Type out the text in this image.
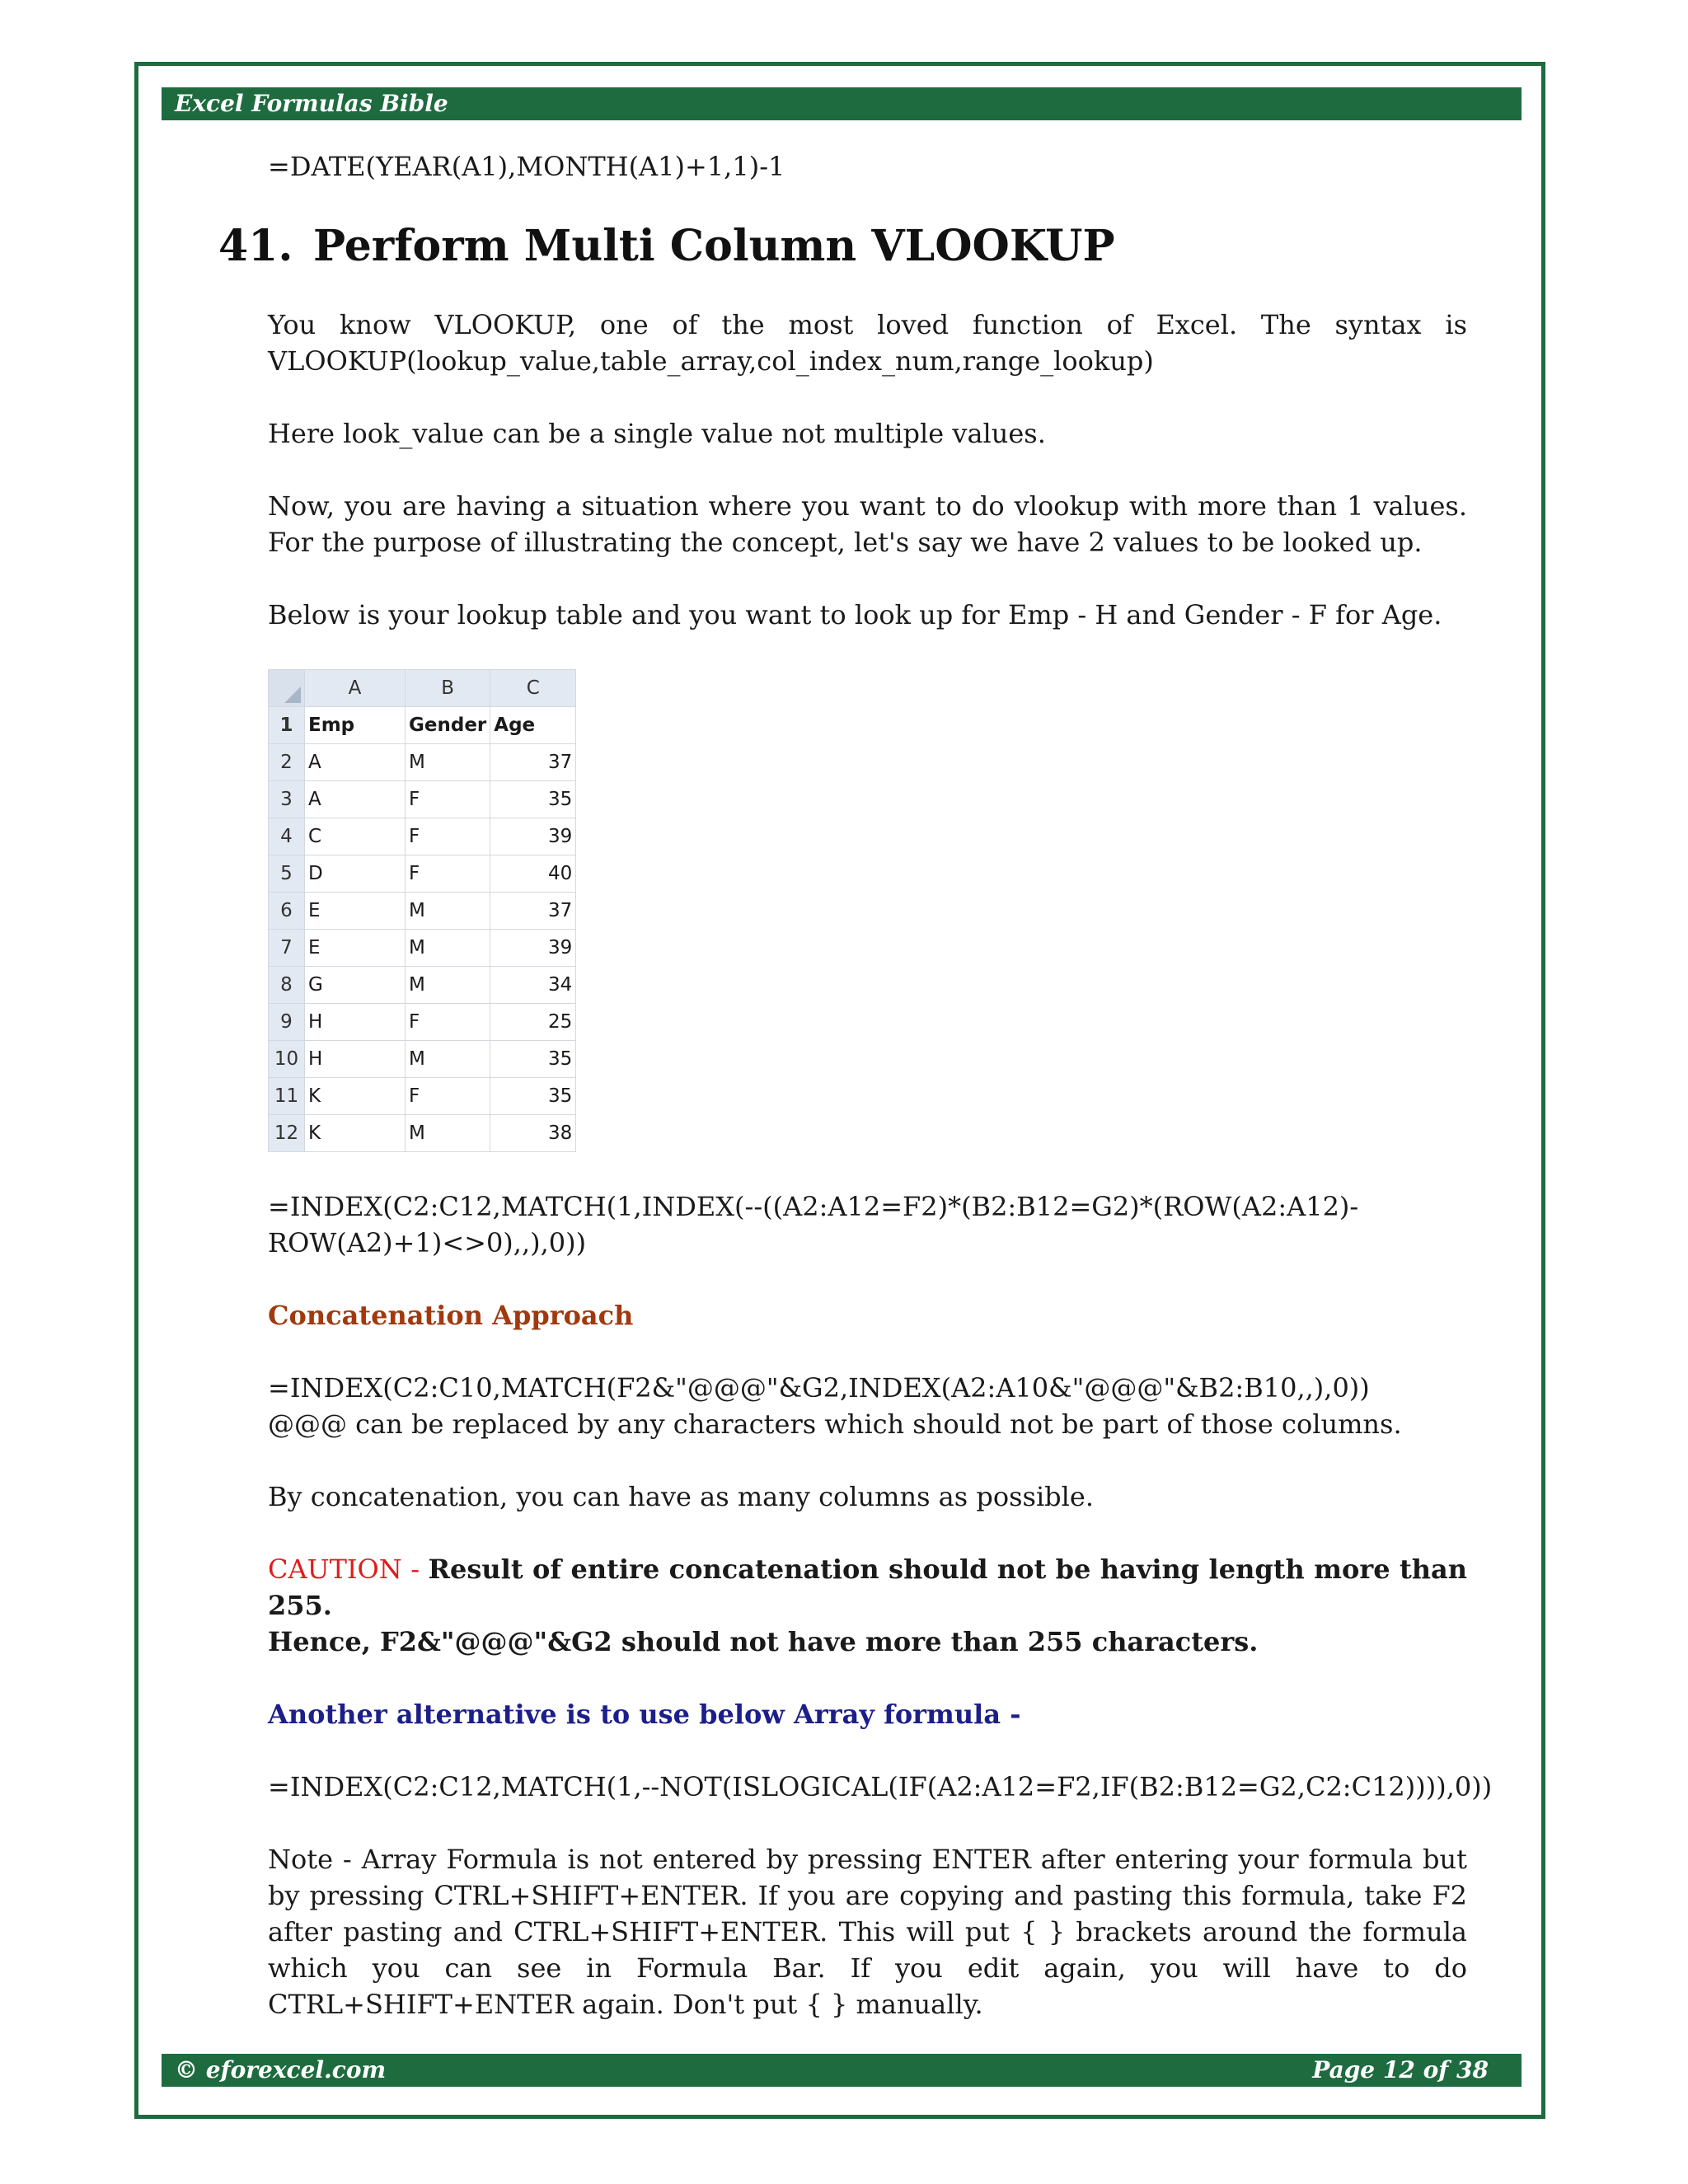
Excel Formulas Bible
41. Perform Multi Column VLOOKUP

=DATE(YEAR(A1),MONTH(A1)+1,1)-1

You know VLOOKUP, one of the most loved function of Excel. The syntax is VLOOKUP(lookup_value,table_array,col_index_num,range_lookup)

Here look_value can be a single value not multiple values.

Now, you are having a situation where you want to do vlookup with more than 1 values. For the purpose of illustrating the concept, let's say we have 2 values to be looked up.

Below is your lookup table and you want to look up for Emp - H and Gender - F for Age.

	A	B	C
1	Emp	Gender	Age
2	A	M	37
3	A	F	35
4	C	F	39
5	D	F	40
6	E	M	37
7	E	M	39
8	G	M	34
9	H	F	25
10	H	M	35
11	K	F	35
12	K	M	38

=INDEX(C2:C12,MATCH(1,INDEX(--((A2:A12=F2)*(B2:B12=G2)*(ROW(A2:A12)-

ROW(A2)+1)<>0),,),0))

Concatenation Approach

=INDEX(C2:C10,MATCH(F2&"@@@"&G2,INDEX(A2:A10&"@@@"&B2:B10,,),0))

@@@ can be replaced by any characters which should not be part of those columns.

By concatenation, you can have as many columns as possible.

CAUTION - Result of entire concatenation should not be having length more than 255.

Hence, F2&"@@@"&G2 should not have more than 255 characters.

Another alternative is to use below Array formula -

=INDEX(C2:C12,MATCH(1,--NOT(ISLOGICAL(IF(A2:A12=F2,IF(B2:B12=G2,C2:C12)))),0))

Note - Array Formula is not entered by pressing ENTER after entering your formula but by pressing CTRL+SHIFT+ENTER. If you are copying and pasting this formula, take F2 after pasting and CTRL+SHIFT+ENTER. This will put { } brackets around the formula which you can see in Formula Bar. If you edit again, you will have to do CTRL+SHIFT+ENTER again. Don't put { } manually.

© eforexcel.com	Page 12 of 38
